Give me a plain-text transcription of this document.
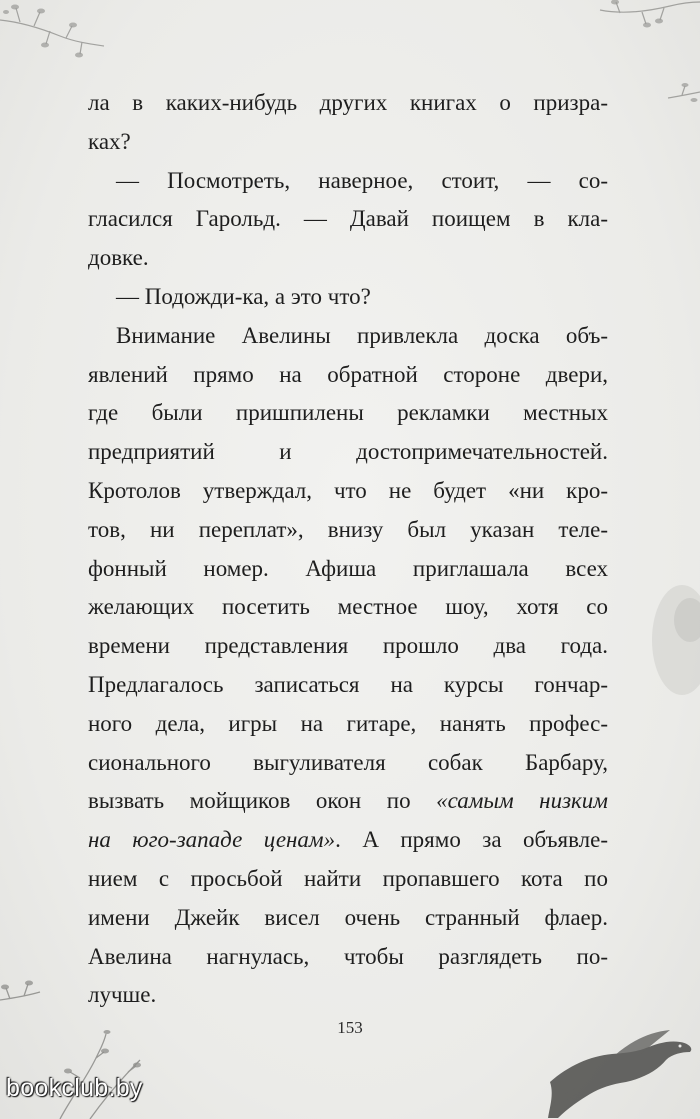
ла в каких-нибудь других книгах о призра-
ках?
— Посмотреть, наверное, стоит, — со-
гласился Гарольд. — Давай поищем в кла-
довке.
— Подожди-ка, а это что?
Внимание Авелины привлекла доска объ-
явлений прямо на обратной стороне двери,
где были пришпилены рекламки местных
предприятий и достопримечательностей.
Кротолов утверждал, что не будет «ни кро-
тов, ни переплат», внизу был указан теле-
фонный номер. Афиша приглашала всех
желающих посетить местное шоу, хотя со
времени представления прошло два года.
Предлагалось записаться на курсы гончар-
ного дела, игры на гитаре, нанять профес-
сионального выгуливателя собак Барбару,
вызвать мойщиков окон по «самым низким
на юго-западе ценам». А прямо за объявле-
нием с просьбой найти пропавшего кота по
имени Джейк висел очень странный флаер.
Авелина нагнулась, чтобы разглядеть по-
лучше.
153
bookclub.by
